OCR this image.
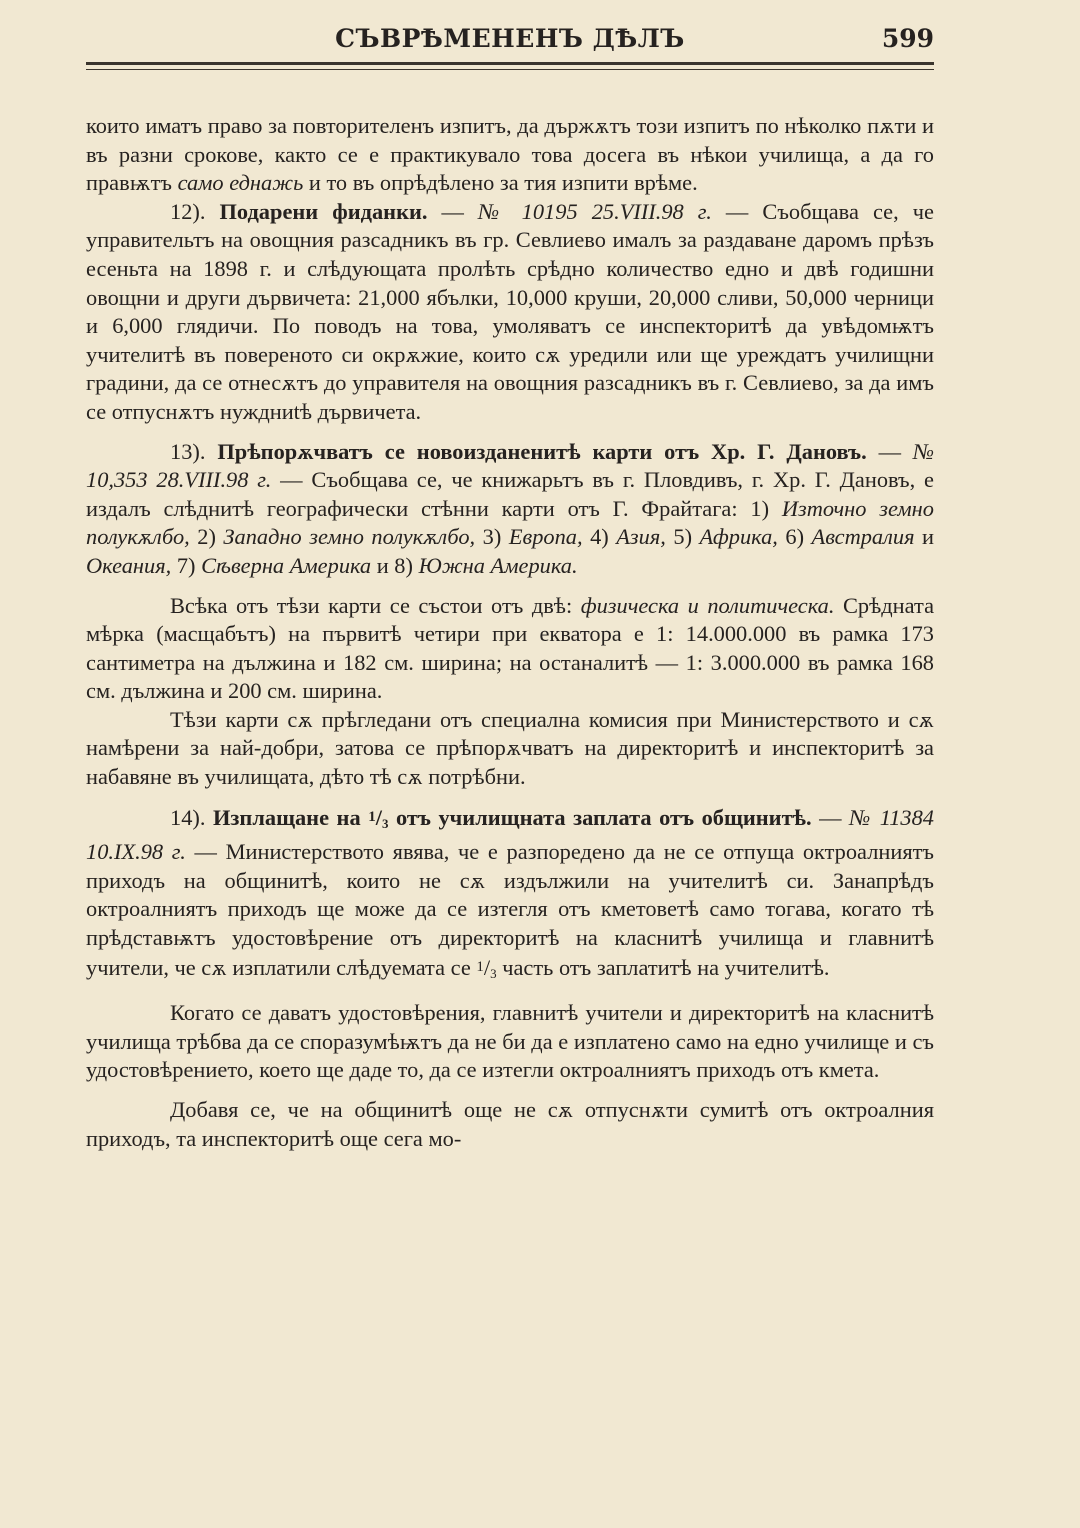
СЪВРѢМЕНЕНЪ ДѢЛЪ	599

които иматъ право за повторителенъ изпитъ, да държѫтъ този изпитъ по нѣколко пѫти и въ разни срокове, както се е практикувало това досега въ нѣкои училища, а да го правѭтъ само еднажь и то въ опрѣдѣлено за тия изпити врѣме.

12). Подарени фиданки. — № 10195 25.VIII.98 г. — Съобщава се, че управительтъ на овощния разсадникъ въ гр. Севлиево ималъ за раздаване даромъ прѣзъ есеньта на 1898 г. и слѣдующата пролѣть срѣдно количество едно и двѣ годишни овощни и други дървичета: 21,000 ябълки, 10,000 круши, 20,000 сливи, 50,000 черници и 6,000 глядичи. По поводъ на това, умоляватъ се инспекторитѣ да увѣдомѭтъ учителитѣ въ повереното си окрѫжие, които сѫ уредили или ще уреждатъ училищни градини, да се отнесѫтъ до управителя на овощния разсадникъ въ г. Севлиево, за да имъ се отпуснѫтъ нуждниtѣ дървичета.

13). Прѣпорѫчватъ се новоизданенитѣ карти отъ Хр. Г. Дановъ. — № 10,353 28.VIII.98 г. — Съобщава се, че книжарьтъ въ г. Пловдивъ, г. Хр. Г. Дановъ, е издалъ слѣднитѣ географически стѣнни карти отъ Г. Фрайтага: 1) Източно земно полукѫлбо, 2) Западно земно полукѫлбо, 3) Европа, 4) Азия, 5) Африка, 6) Австралия и Океания, 7) Сѣверна Америка и 8) Южна Америка.

Всѣка отъ тѣзи карти се състои отъ двѣ: физическа и политическа. Срѣдната мѣрка (масщабътъ) на първитѣ четири при екватора е 1: 14.000.000 въ рамка 173 сантиметра на дължина и 182 см. ширина; на останалитѣ — 1: 3.000.000 въ рамка 168 см. дължина и 200 см. ширина.

Тѣзи карти сѫ прѣгледани отъ специална комисия при Министерството и сѫ намѣрени за най-добри, затова се прѣпорѫчватъ на директоритѣ и инспекторитѣ за набавяне въ училищата, дѣто тѣ сѫ потрѣбни.

14). Изплащане на 1/3 отъ училищната заплата отъ общинитѣ. — № 11384 10.IX.98 г. — Министерството явява, че е разпоредено да не се отпуща октроалниятъ приходъ на общинитѣ, които не сѫ издължили на учителитѣ си. Занапрѣдъ октроалниятъ приходъ ще може да се изтегля отъ кметоветѣ само тогава, когато тѣ прѣдставѭтъ удостовѣрение отъ директоритѣ на класнитѣ училища и главнитѣ учители, че сѫ изплатили слѣдуемата се 1/3 часть отъ заплатитѣ на учителитѣ.

Когато се даватъ удостовѣрения, главнитѣ учители и директоритѣ на класнитѣ училища трѣбва да се споразумѣѭтъ да не би да е изплатено само на едно училище и съ удостовѣрението, което ще даде то, да се изтегли октроалниятъ приходъ отъ кмета.

Добавя се, че на общинитѣ още не сѫ отпуснѫти сумитѣ отъ октроалния приходъ, та инспекторитѣ още сега мо-
